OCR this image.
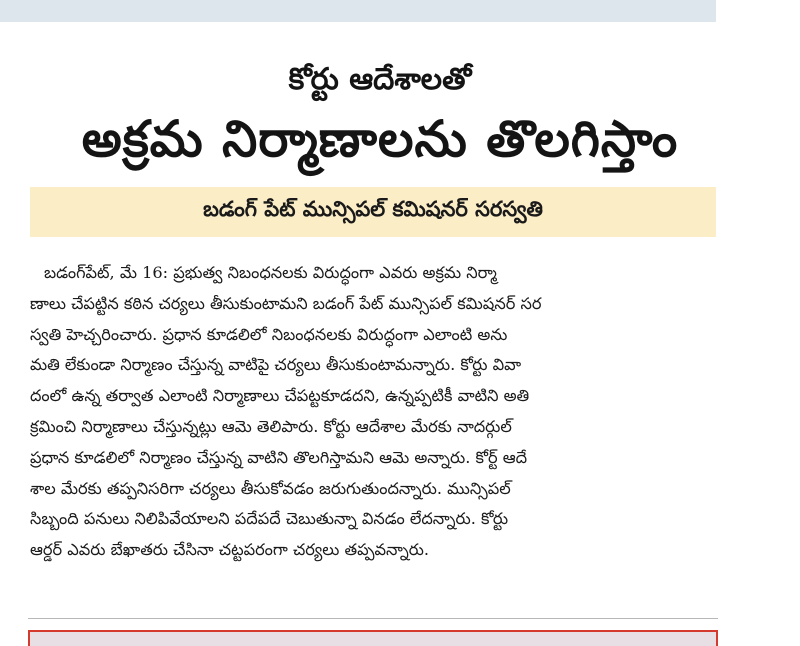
కోర్టు ఆదేశాలతో
అక్రమ నిర్మాణాలను తొలగిస్తాం
బడంగ్ పేట్ మున్సిపల్ కమిషనర్ సరస్వతి
బడంగ్‌పేట్, మే 16: ప్రభుత్వ నిబంధనలకు విరుద్ధంగా ఎవరు అక్రమ నిర్మా
ణాలు చేపట్టిన కఠిన చర్యలు తీసుకుంటామని బడంగ్ పేట్ మున్సిపల్ కమిషనర్ సర
స్వతి హెచ్చరించారు. ప్రధాన కూడలిలో నిబంధనలకు విరుద్ధంగా ఎలాంటి అను
మతి లేకుండా నిర్మాణం చేస్తున్న వాటిపై చర్యలు తీసుకుంటామన్నారు. కోర్టు వివా
దంలో ఉన్న తర్వాత ఎలాంటి నిర్మాణాలు చేపట్టకూడదని, ఉన్నప్పటికీ వాటిని అతి
క్రమించి నిర్మాణాలు చేస్తున్నట్లు ఆమె తెలిపారు. కోర్టు ఆదేశాల మేరకు నాదర్గుల్
ప్రధాన కూడలిలో నిర్మాణం చేస్తున్న వాటిని తొలగిస్తామని ఆమె అన్నారు. కోర్ట్ ఆదే
శాల మేరకు తప్పనిసరిగా చర్యలు తీసుకోవడం జరుగుతుందన్నారు. మున్సిపల్
సిబ్బంది పనులు నిలిపివేయాలని పదేపదే చెబుతున్నా వినడం లేదన్నారు. కోర్టు
ఆర్డర్ ఎవరు బేఖాతరు చేసినా చట్టపరంగా చర్యలు తప్పవన్నారు.
